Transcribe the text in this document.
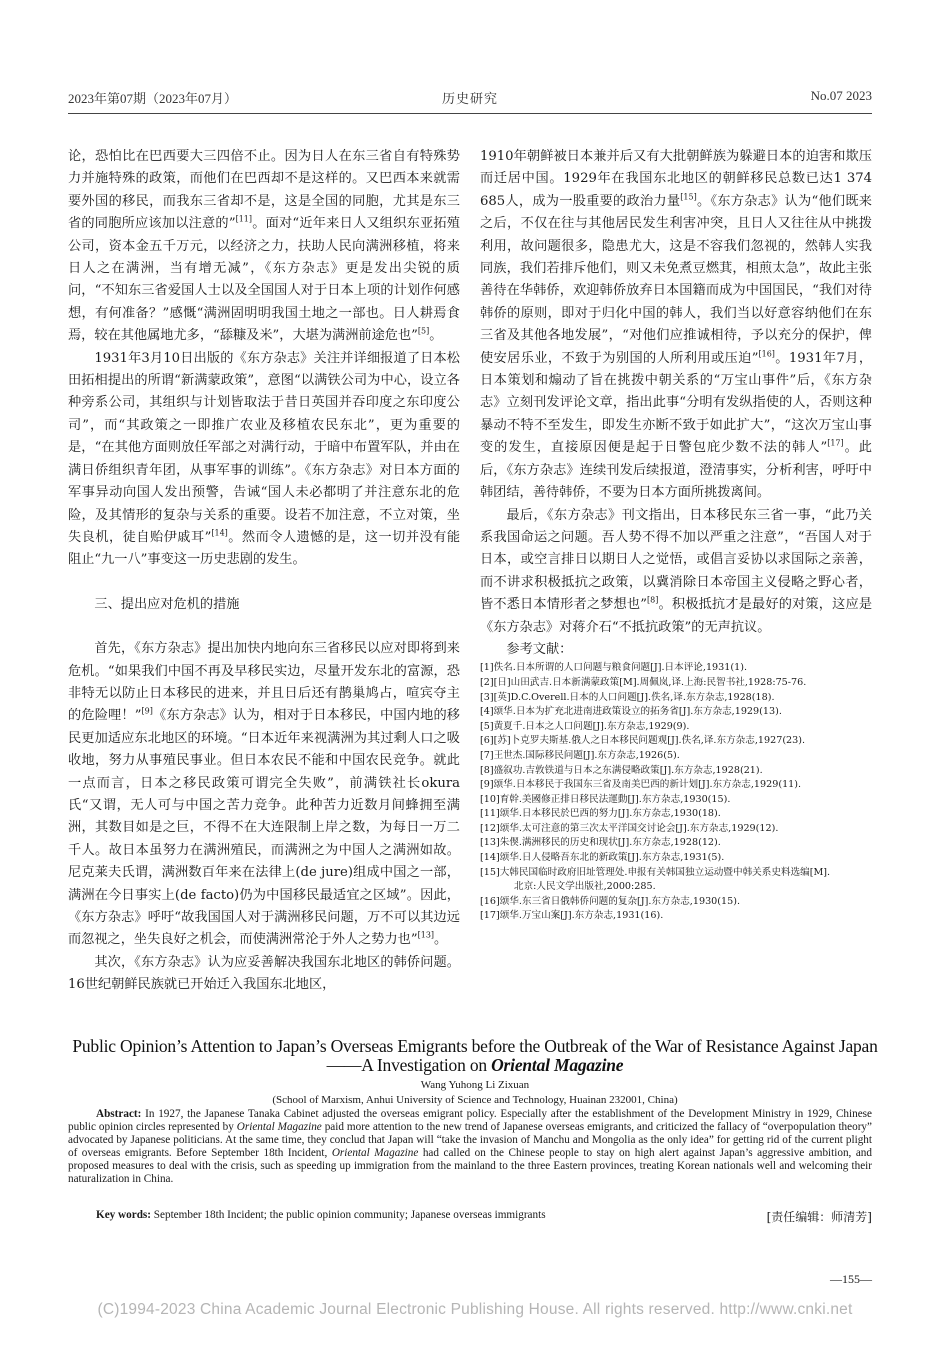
2023年第07期（2023年07月）	历史研究	No.07 2023

论，恐怕比在巴西要大三四倍不止。因为日人在东三省自有特殊势力并施特殊的政策，而他们在巴西却不是这样的。又巴西本来就需要外国的移民，而我东三省却不是，这是全国的同胞，尤其是东三省的同胞所应该加以注意的”[11]。面对“近年来日人又组织东亚拓殖公司，资本金五千万元，以经济之力，扶助人民向满洲移植，将来日人之在满洲，当有增无减”，《东方杂志》更是发出尖锐的质问，“不知东三省爱国人士以及全国国人对于日本上项的计划作何感想，有何准备？”感慨“满洲固明明我国土地之一部也。日人耕焉食焉，较在其他属地尤多，“舔糠及米”，大堪为满洲前途危也”[5]。

1931年3月10日出版的《东方杂志》关注并详细报道了日本松田拓相提出的所谓“新满蒙政策”，意图“以满铁公司为中心，设立各种旁系公司，其组织与计划皆取法于昔日英国并吞印度之东印度公司”，而“其政策之一即推广农业及移植农民东北”，更为重要的是，“在其他方面则放任军部之对满行动，于暗中布置军队，并由在满日侨组织青年团，从事军事的训练”。《东方杂志》对日本方面的军事异动向国人发出预警，告诫“国人未必都明了并注意东北的危险，及其情形的复杂与关系的重要。设若不加注意，不立对策，坐失良机，徒自贻伊戚耳”[14]。然而令人遗憾的是，这一切并没有能阻止“九一八”事变这一历史悲剧的发生。

三、提出应对危机的措施

首先，《东方杂志》提出加快内地向东三省移民以应对即将到来危机。“如果我们中国不再及早移民实边，尽量开发东北的富源，恐非特无以防止日本移民的进来，并且日后还有鹊巢鸠占，喧宾夺主的危险哩！”[9]《东方杂志》认为，相对于日本移民，中国内地的移民更加适应东北地区的环境。“日本近年来视满洲为其过剩人口之吸收地，努力从事殖民事业。但日本农民不能和中国农民竞争。就此一点而言，日本之移民政策可谓完全失败”，前满铁社长okura氏“又谓，无人可与中国之苦力竞争。此种苦力近数月间蜂拥至满洲，其数目如是之巨，不得不在大连限制上岸之数，为每日一万二千人。故日本虽努力在满洲殖民，而满洲之为中国人之满洲如故。尼克莱夫氏谓，满洲数百年来在法律上(de jure)组成中国之一部，满洲在今日事实上(de facto)仍为中国移民最适宜之区域”。因此，《东方杂志》呼吁“故我国国人对于满洲移民问题，万不可以其边远而忽视之，坐失良好之机会，而使满洲常沦于外人之势力也”[13]。

其次，《东方杂志》认为应妥善解决我国东北地区的韩侨问题。16世纪朝鲜民族就已开始迁入我国东北地区，

1910年朝鲜被日本兼并后又有大批朝鲜族为躲避日本的迫害和欺压而迁居中国。1929年在我国东北地区的朝鲜移民总数已达1 374 685人，成为一股重要的政治力量[15]。《东方杂志》认为“他们既来之后，不仅在往与其他居民发生利害冲突，且日人又往往从中挑拨利用，故问题很多，隐患尤大，这是不容我们忽视的，然韩人实我同族，我们若排斥他们，则又未免煮豆燃萁，相煎太急”，故此主张善待在华韩侨，欢迎韩侨放弃日本国籍而成为中国国民，“我们对待韩侨的原则，即对于归化中国的韩人，我们当以好意容纳他们在东三省及其他各地发展”，“对他们应推诚相待，予以充分的保护，俾使安居乐业，不致于为别国的人所利用或压迫”[16]。1931年7月，日本策划和煽动了旨在挑拨中朝关系的“万宝山事件”后，《东方杂志》立刻刊发评论文章，指出此事“分明有发纵指使的人，否则这种暴动不特不至发生，即发生亦断不致于如此扩大”，“这次万宝山事变的发生，直接原因便是起于日警包庇少数不法的韩人”[17]。此后，《东方杂志》连续刊发后续报道，澄清事实，分析利害，呼吁中韩团结，善待韩侨，不要为日本方面所挑拨离间。

最后，《东方杂志》刊文指出，日本移民东三省一事，“此乃关系我国命运之问题。吾人势不得不加以严重之注意”，“吾国人对于日本，或空言排日以期日人之觉悟，或倡言妥协以求国际之亲善，而不讲求积极抵抗之政策，以冀消除日本帝国主义侵略之野心者，皆不悉日本情形者之梦想也”[8]。积极抵抗才是最好的对策，这应是《东方杂志》对蒋介石“不抵抗政策”的无声抗议。

参考文献：

[1]佚名.日本所谓的人口问题与粮食问题[J].日本评论,1931(1).
[2][日]山田武吉.日本新满蒙政策[M].周佩岚,译.上海:民智书社,1928:75-76.
[3][英]D.C.Overell.日本的人口问题[J].佚名,译.东方杂志,1928(18).
[4]颂华.日本为扩充北进南进政策设立的拓务省[J].东方杂志,1929(13).
[5]黄夏千.日本之人口问题[J].东方杂志,1929(9).
[6][苏]卜克罗夫斯基.俄人之日本移民问题观[J].佚名,译.东方杂志,1927(23).
[7]王世杰.国际移民问题[J].东方杂志,1926(5).
[8]盛叙功.吉敦铁道与日本之东满侵略政策[J].东方杂志,1928(21).
[9]颂华.日本移民于我国东三省及南美巴西的新计划[J].东方杂志,1929(11).
[10]育幹.美國修正排日移民法運動[J].东方杂志,1930(15).
[11]颂华.日本移民於巴西的努力[J].东方杂志,1930(18).
[12]颂华.太可注意的第三次太平洋国交讨论会[J].东方杂志,1929(12).
[13]朱偰.满洲移民的历史和现状[J].东方杂志,1928(12).
[14]颂华.日人侵略吾东北的新政策[J].东方杂志,1931(5).
[15]大韩民国临时政府旧址管理处.申报有关韩国独立运动暨中韩关系史料选编[M].
北京:人民文学出版社,2000:285.
[16]颂华.东三省日俄韩侨问题的复杂[J].东方杂志,1930(15).
[17]颂华.万宝山案[J].东方杂志,1931(16).
Public Opinion’s Attention to Japan’s Overseas Emigrants before the Outbreak of the War of Resistance Against Japan
——A Investigation on Oriental Magazine
Wang Yuhong Li Zixuan
(School of Marxism, Anhui University of Science and Technology, Huainan 232001, China)
Abstract: In 1927, the Japanese Tanaka Cabinet adjusted the overseas emigrant policy. Especially after the establishment of the Development Ministry in 1929, Chinese public opinion circles represented by Oriental Magazine paid more attention to the new trend of Japanese overseas emigrants, and criticized the fallacy of “overpopulation theory” advocated by Japanese politicians. At the same time, they conclud that Japan will “take the invasion of Manchu and Mongolia as the only idea” for getting rid of the current plight of overseas emigrants. Before September 18th Incident, Oriental Magazine had called on the Chinese people to stay on high alert against Japan’s aggressive ambition, and proposed measures to deal with the crisis, such as speeding up immigration from the mainland to the three Eastern provinces, treating Korean nationals well and welcoming their naturalization in China.
Key words: September 18th Incident; the public opinion community; Japanese overseas immigrants	[责任编辑：师清芳]
—155—
(C)1994-2023 China Academic Journal Electronic Publishing House. All rights reserved. http://www.cnki.net
